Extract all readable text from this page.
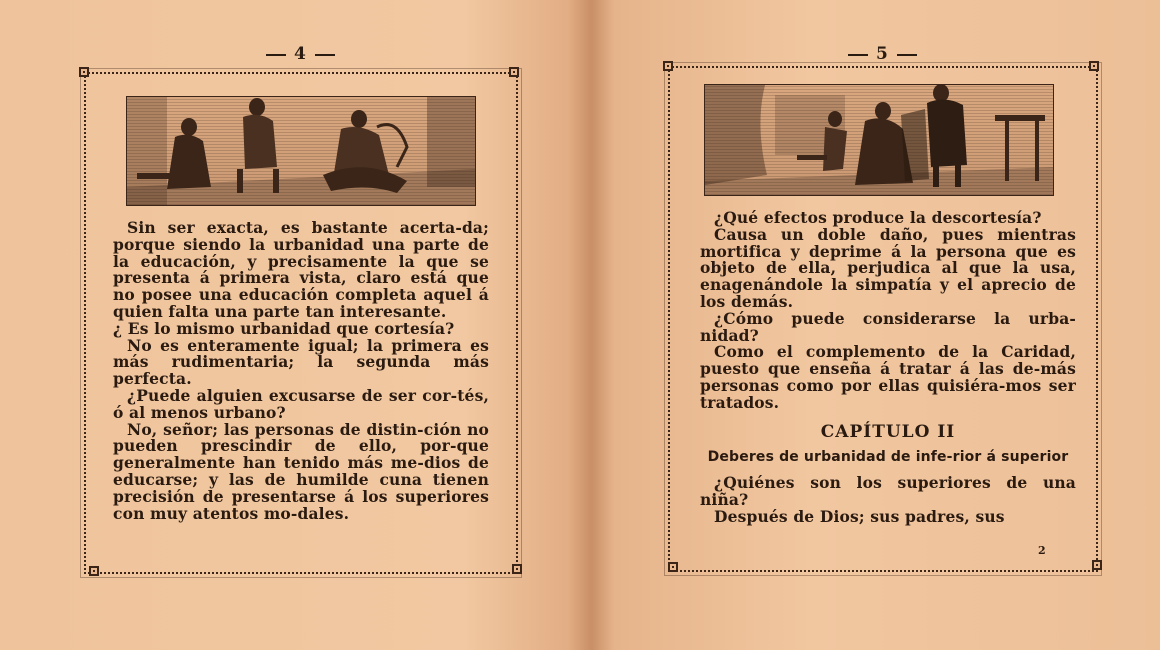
4

Sin ser exacta, es bastante acerta-da; porque siendo la urbanidad una parte de la educación, y precisamente la que se presenta á primera vista, claro está que no posee una educación completa aquel á quien falta una parte tan interesante.

¿ Es lo mismo urbanidad que cortesía?

No es enteramente igual; la primera es más rudimentaria; la segunda más perfecta.

¿Puede alguien excusarse de ser cor-tés, ó al menos urbano?

No, señor; las personas de distin-ción no pueden prescindir de ello, por-que generalmente han tenido más me-dios de educarse; y las de humilde cuna tienen precisión de presentarse á los superiores con muy atentos mo-dales.

5

¿Qué efectos produce la descortesía?

Causa un doble daño, pues mientras mortifica y deprime á la persona que es objeto de ella, perjudica al que la usa, enagenándole la simpatía y el aprecio de los demás.

¿Cómo puede considerarse la urba-nidad?

Como el complemento de la Caridad, puesto que enseña á tratar á las de-más personas como por ellas quisiéra-mos ser tratados.

CAPÍTULO II

Deberes de urbanidad de infe-rior á superior

¿Quiénes son los superiores de una niña?

Después de Dios; sus padres, sus

2
